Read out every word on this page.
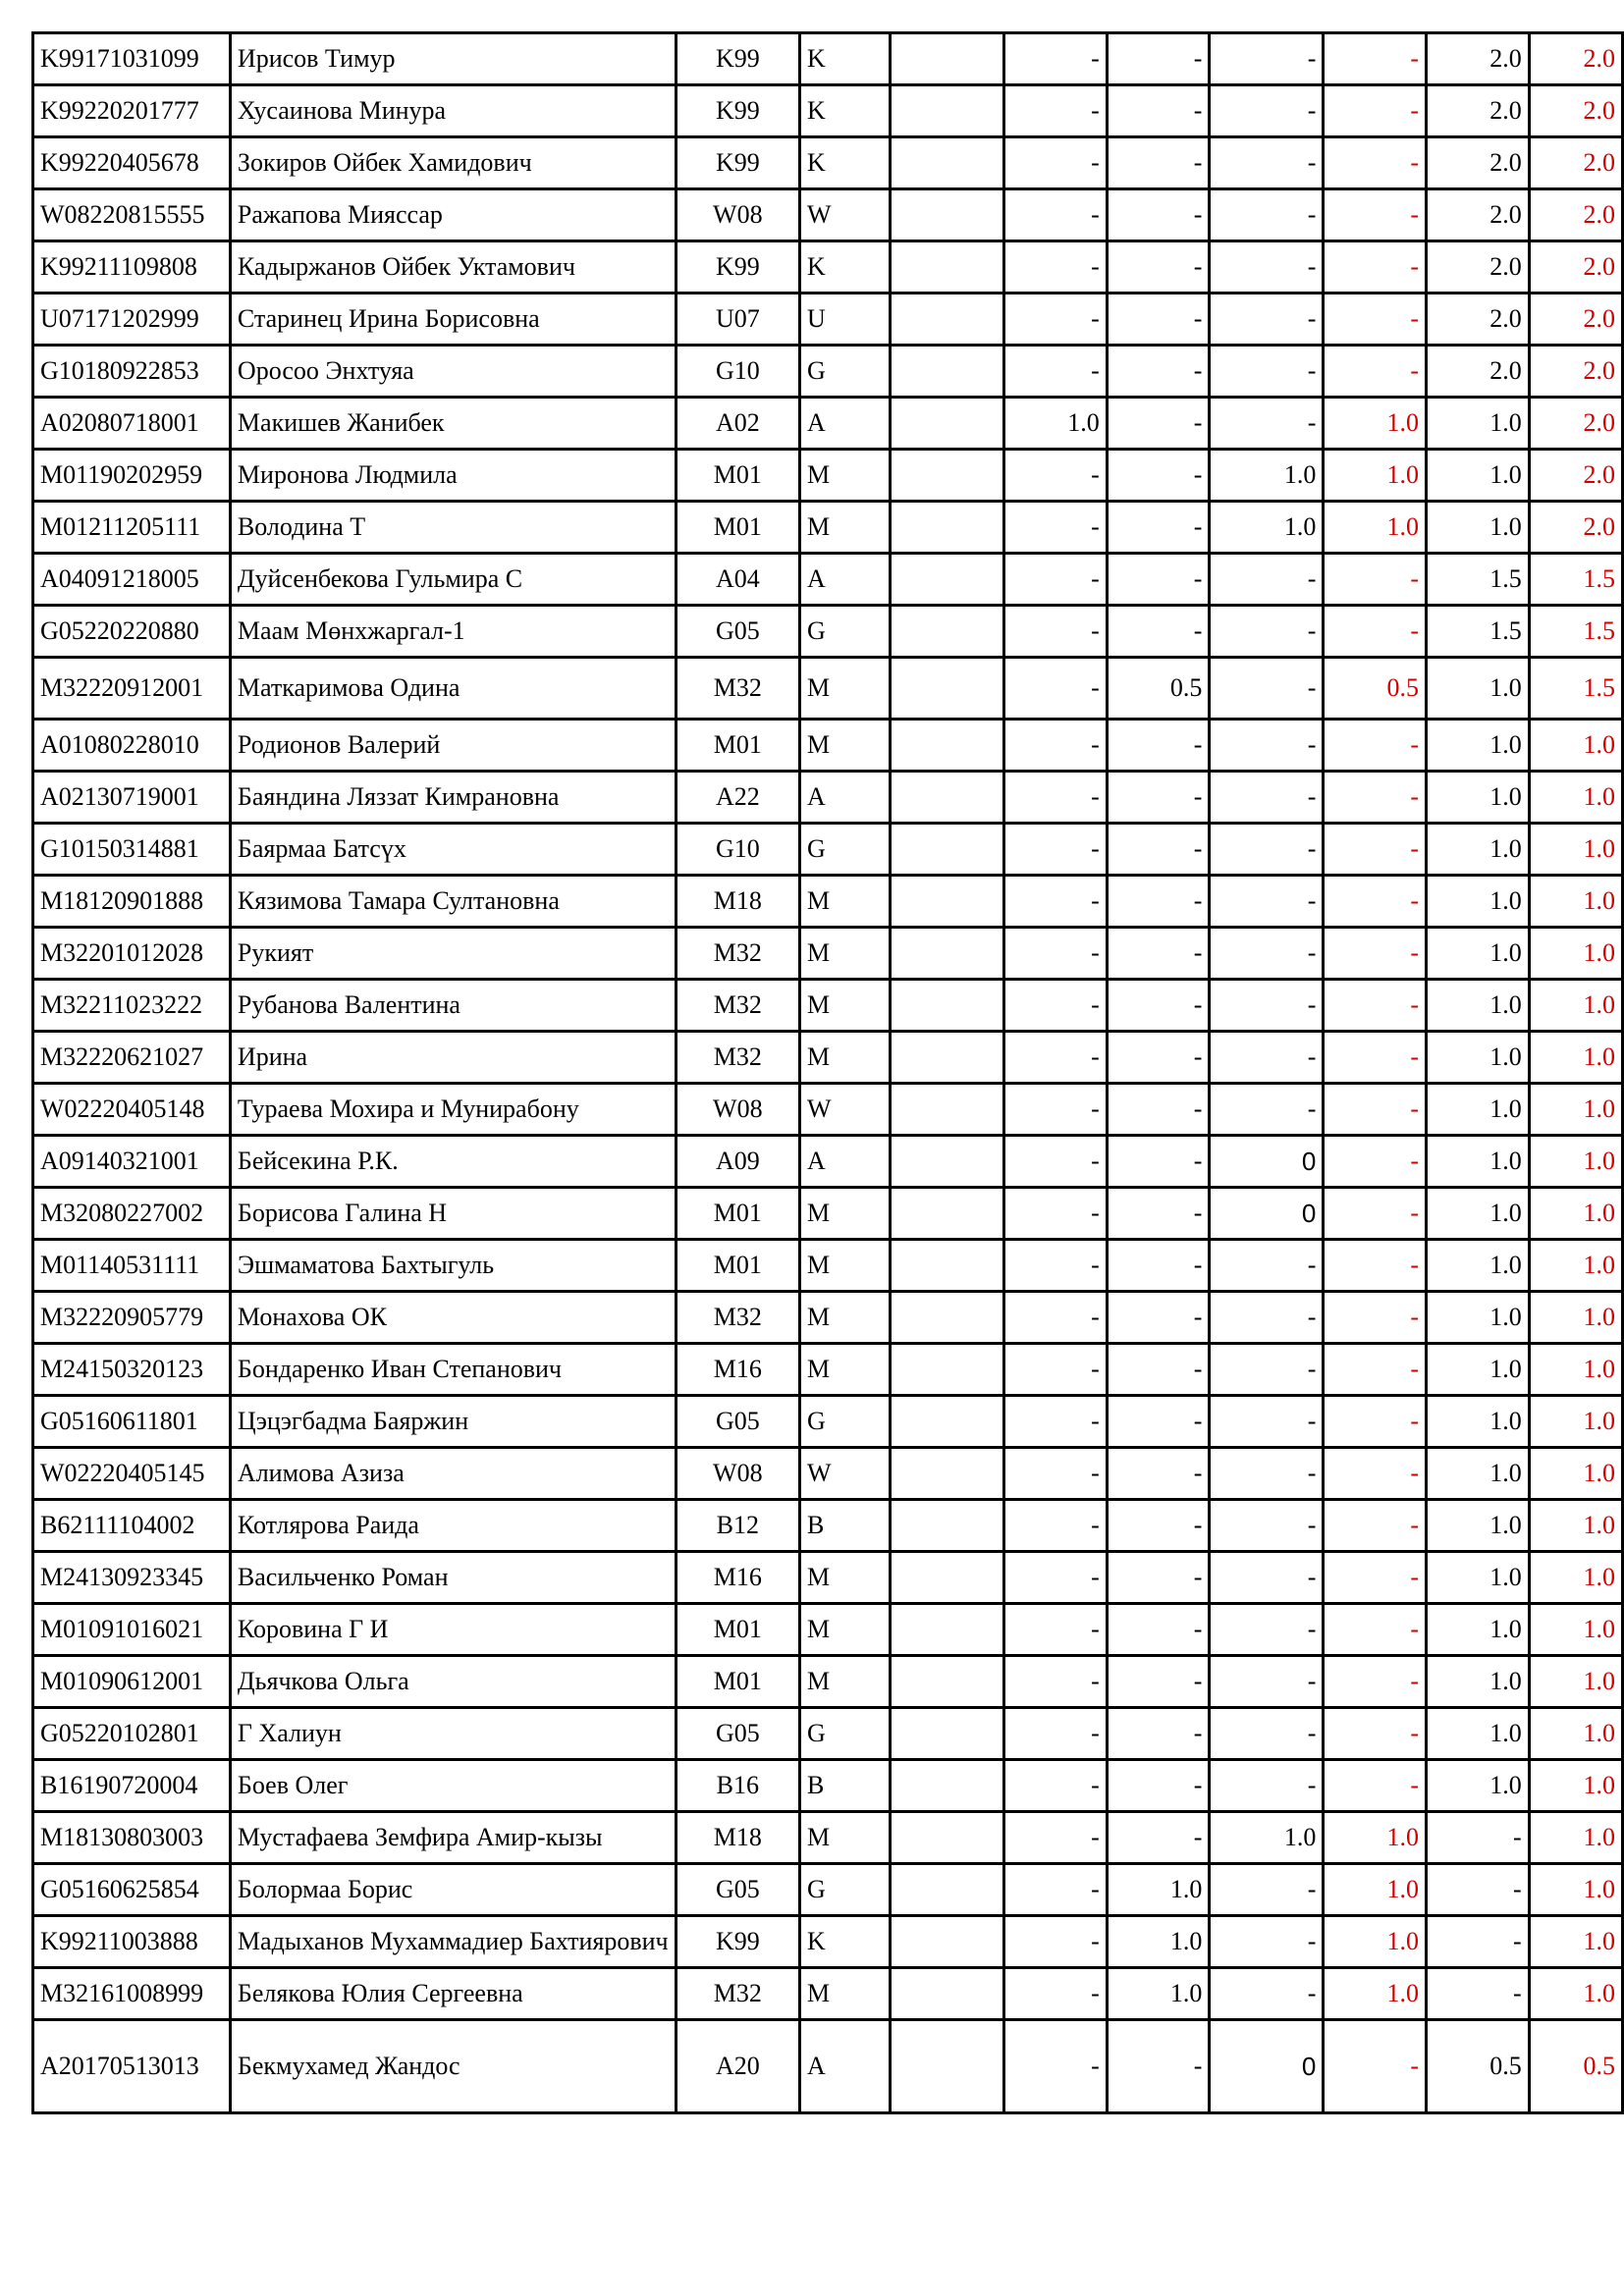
K99171031099	Ирисов Тимур	K99	K		-	-	-	-	2.0	2.0
K99220201777	Хусаинова Минура	K99	K		-	-	-	-	2.0	2.0
K99220405678	Зокиров Ойбек Хамидович	K99	K		-	-	-	-	2.0	2.0
W08220815555	Ражапова Мияссар	W08	W		-	-	-	-	2.0	2.0
K99211109808	Кадыржанов Ойбек Уктамович	K99	K		-	-	-	-	2.0	2.0
U07171202999	Старинец Ирина Борисовна	U07	U		-	-	-	-	2.0	2.0
G10180922853	Оросоо Энхтуяа	G10	G		-	-	-	-	2.0	2.0
A02080718001	Макишев Жанибек	A02	A		1.0	-	-	1.0	1.0	2.0
M01190202959	Миронова Людмила	M01	M		-	-	1.0	1.0	1.0	2.0
M01211205111	Володина Т	M01	M		-	-	1.0	1.0	1.0	2.0
A04091218005	Дуйсенбекова Гульмира С	A04	A		-	-	-	-	1.5	1.5
G05220220880	Маам Мөнхжаргал-1	G05	G		-	-	-	-	1.5	1.5
M32220912001	Маткаримова Одина	M32	M		-	0.5	-	0.5	1.0	1.5
A01080228010	Родионов Валерий	M01	M		-	-	-	-	1.0	1.0
A02130719001	Баяндина Ляззат Кимрановна	A22	A		-	-	-	-	1.0	1.0
G10150314881	Баярмаа Батсүх	G10	G		-	-	-	-	1.0	1.0
M18120901888	Кязимова Тамара Султановна	M18	M		-	-	-	-	1.0	1.0
M32201012028	Рукият	M32	M		-	-	-	-	1.0	1.0
M32211023222	Рубанова Валентина	M32	M		-	-	-	-	1.0	1.0
M32220621027	Ирина	M32	M		-	-	-	-	1.0	1.0
W02220405148	Тураева Мохира и Мунирабону	W08	W		-	-	-	-	1.0	1.0
A09140321001	Бейсекина Р.К.	A09	A		-	-	0	-	1.0	1.0
M32080227002	Борисова Галина Н	M01	M		-	-	0	-	1.0	1.0
M01140531111	Эшмаматова Бахтыгуль	M01	M		-	-	-	-	1.0	1.0
M32220905779	Монахова ОК	M32	M		-	-	-	-	1.0	1.0
M24150320123	Бондаренко Иван Степанович	M16	M		-	-	-	-	1.0	1.0
G05160611801	Цэцэгбадма Баяржин	G05	G		-	-	-	-	1.0	1.0
W02220405145	Алимова Азиза	W08	W		-	-	-	-	1.0	1.0
B62111104002	Котлярова Раида	B12	B		-	-	-	-	1.0	1.0
M24130923345	Васильченко Роман	M16	M		-	-	-	-	1.0	1.0
M01091016021	Коровина Г И	M01	M		-	-	-	-	1.0	1.0
M01090612001	Дьячкова Ольга	M01	M		-	-	-	-	1.0	1.0
G05220102801	Г Халиун	G05	G		-	-	-	-	1.0	1.0
B16190720004	Боев Олег	B16	B		-	-	-	-	1.0	1.0
M18130803003	Мустафаева Земфира Амир-кызы	M18	M		-	-	1.0	1.0	-	1.0
G05160625854	Болормаа Борис	G05	G		-	1.0	-	1.0	-	1.0
K99211003888	Мадыханов Мухаммадиер Бахтиярович	K99	K		-	1.0	-	1.0	-	1.0
M32161008999	Белякова Юлия Сергеевна	M32	M		-	1.0	-	1.0	-	1.0
A20170513013	Бекмухамед Жандос	A20	A		-	-	0	-	0.5	0.5
